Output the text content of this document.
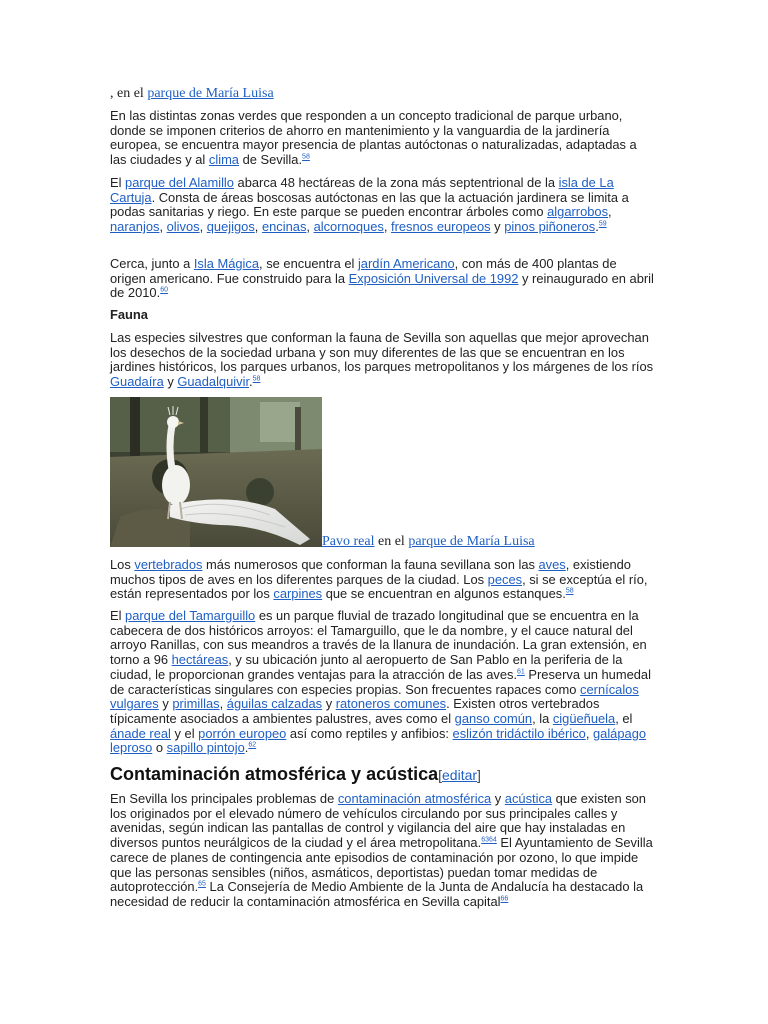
, en el parque de María Luisa

En las distintas zonas verdes que responden a un concepto tradicional de parque urbano, donde se imponen criterios de ahorro en mantenimiento y la vanguardia de la jardinería europea, se encuentra mayor presencia de plantas autóctonas o naturalizadas, adaptadas a las ciudades y al clima de Sevilla.$^{58}$

El parque del Alamillo abarca 48 hectáreas de la zona más septentrional de la isla de La Cartuja. Consta de áreas boscosas autóctonas en las que la actuación jardinera se limita a podas sanitarias y riego. En este parque se pueden encontrar árboles como algarrobos, naranjos, olivos, quejigos, encinas, alcornoques, fresnos europeos y pinos piñoneros.$^{59}$

Cerca, junto a Isla Mágica, se encuentra el jardín Americano, con más de 400 plantas de origen americano. Fue construido para la Exposición Universal de 1992 y reinaugurado en abril de 2010.60

Fauna

Las especies silvestres que conforman la fauna de Sevilla son aquellas que mejor aprovechan los desechos de la sociedad urbana y son muy diferentes de las que se encuentran en los jardines históricos, los parques urbanos, los parques metropolitanos y los márgenes de los ríos Guadaíra y Guadalquivir.$^{58}$

Pavo real en el parque de María Luisa

Los vertebrados más numerosos que conforman la fauna sevillana son las aves, existiendo muchos tipos de aves en los diferentes parques de la ciudad. Los peces, si se exceptúa el río, están representados por los carpines que se encuentran en algunos estanques.$^{58}$

El parque del Tamarguillo es un parque fluvial de trazado longitudinal que se encuentra en la cabecera de dos históricos arroyos: el Tamarguillo, que le da nombre, y el cauce natural del arroyo Ranillas, con sus meandros a través de la llanura de inundación. La gran extensión, en torno a 96 hectáreas, y su ubicación junto al aeropuerto de San Pablo en la periferia de la ciudad, le proporcionan grandes ventajas para la atracción de las aves.$^{61}$ Preserva un humedal de características singulares con especies propias. Son frecuentes rapaces como cernícalos vulgares y primillas, águilas calzadas y ratoneros comunes. Existen otros vertebrados típicamente asociados a ambientes palustres, aves como el ganso común, la cigüeñuela, el ánade real y el porrón europeo así como reptiles y anfibios: eslizón tridáctilo ibérico, galápago leproso o sapillo pintojo.$^{62}$

Contaminación atmosférica y acústica[editar]

En Sevilla los principales problemas de contaminación atmosférica y acústica que existen son los originados por el elevado número de vehículos circulando por sus principales calles y avenidas, según indican las pantallas de control y vigilancia del aire que hay instaladas en diversos puntos neurálgicos de la ciudad y el área metropolitana.$^{6364}$ El Ayuntamiento de Sevilla carece de planes de contingencia ante episodios de contaminación por ozono, lo que impide que las personas sensibles (niños, asmáticos, deportistas) puedan tomar medidas de autoprotección.$^{65}$ La Consejería de Medio Ambiente de la Junta de Andalucía ha destacado la necesidad de reducir la contaminación atmosférica en Sevilla capital$^{66}$
